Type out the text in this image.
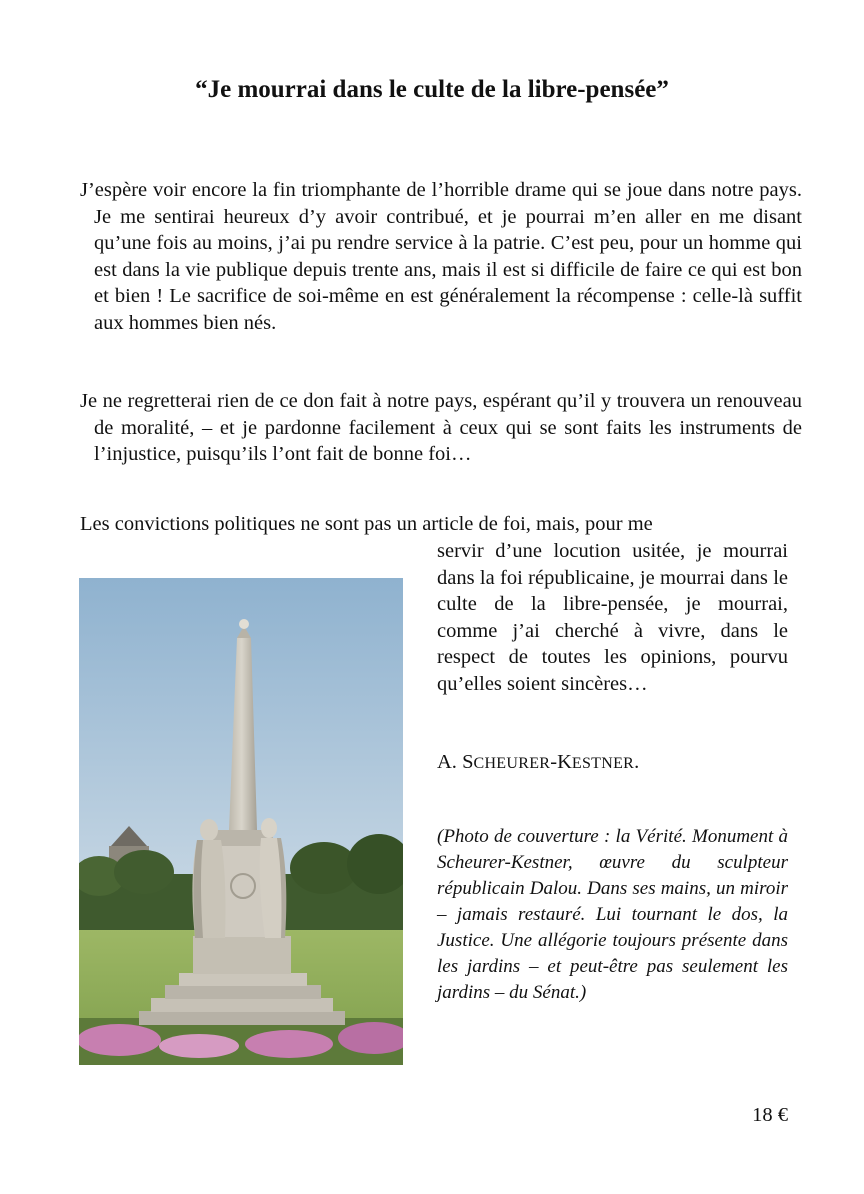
“Je mourrai dans le culte de la libre-pensée”

J’espère voir encore la fin triomphante de l’horrible drame qui se joue dans notre pays. Je me sentirai heureux d’y avoir contribué, et je pourrai m’en aller en me disant qu’une fois au moins, j’ai pu rendre service à la patrie. C’est peu, pour un homme qui est dans la vie publique depuis trente ans, mais il est si difficile de faire ce qui est bon et bien ! Le sacrifice de soi-même en est généralement la récompense : celle-là suffit aux hommes bien nés.

Je ne regretterai rien de ce don fait à notre pays, espérant qu’il y trouvera un renouveau de moralité, – et je pardonne facilement à ceux qui se sont faits les instruments de l’injustice, puisqu’ils l’ont fait de bonne foi…

Les convictions politiques ne sont pas un article de foi, mais, pour me

servir d’une locution usitée, je mourrai dans la foi républicaine, je mourrai dans le culte de la libre-pensée, je mourrai, comme j’ai cherché à vivre, dans le respect de toutes les opinions, pourvu qu’elles soient sincères…

A. SCHEURER-KESTNER.

(Photo de couverture : la Vérité. Monument à Scheurer-Kestner, œuvre du sculpteur républicain Dalou. Dans ses mains, un miroir – jamais restauré. Lui tournant le dos, la Justice. Une allégorie toujours présente dans les jardins – et peut-être pas seulement les jardins – du Sénat.)

18 €
